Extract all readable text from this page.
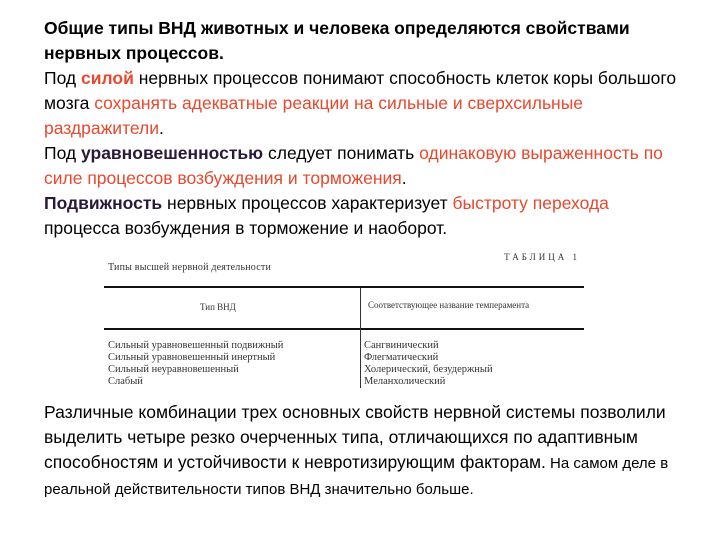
Общие типы ВНД животных и человека определяются свойствами нервных процессов.
Под силой нервных процессов понимают способность клеток коры большого мозга сохранять адекватные реакции на сильные и сверхсильные раздражители.
Под уравновешенностью следует понимать одинаковую выраженность по силе процессов возбуждения и торможения.
Подвижность нервных процессов характеризует быстроту перехода процесса возбуждения в торможение и наоборот.

Типы высшей нервной деятельности
ТАБЛИЦА 1
Тип ВНД	Соответствующее название темперамента
Сильный уравновешенный подвижный
Сильный уравновешенный инертный
Сильный неуравновешенный
Слабый
Сангвинический
Флегматический
Холерический, безудержный
Меланхолический

Различные комбинации трех основных свойств нервной системы позволили выделить четыре резко очерченных типа, отличающихся по адаптивным способностям и устойчивости к невротизирующим факторам. На самом деле в реальной действительности типов ВНД значительно больше.
